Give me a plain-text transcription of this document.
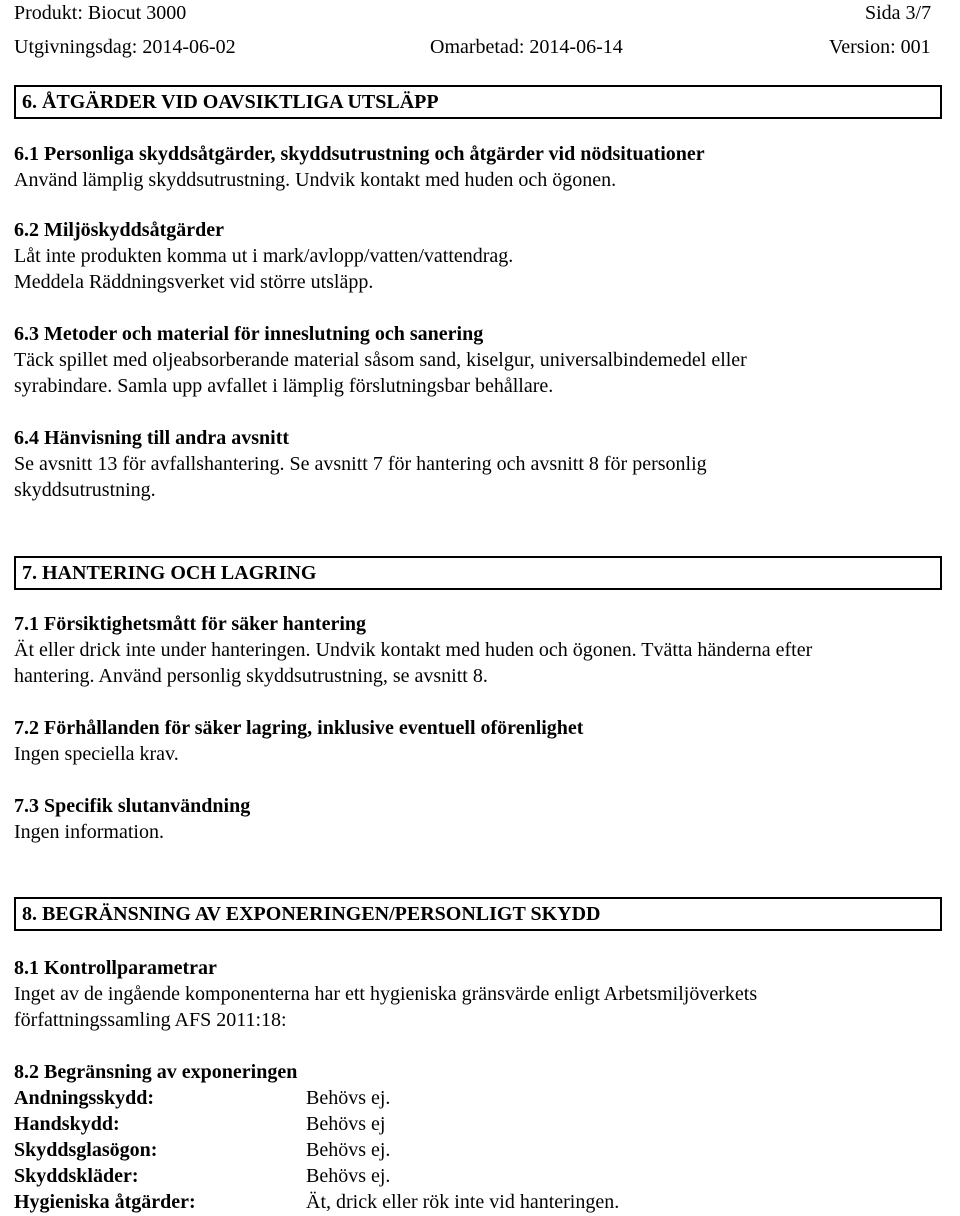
Produkt: Biocut 3000	Sida 3/7
Utgivningsdag: 2014-06-02	Omarbetad: 2014-06-14	Version: 001
6. ÅTGÄRDER VID OAVSIKTLIGA UTSLÄPP
6.1 Personliga skyddsåtgärder, skyddsutrustning och åtgärder vid nödsituationer
Använd lämplig skyddsutrustning. Undvik kontakt med huden och ögonen.
6.2 Miljöskyddsåtgärder
Låt inte produkten komma ut i mark/avlopp/vatten/vattendrag.
Meddela Räddningsverket vid större utsläpp.
6.3 Metoder och material för inneslutning och sanering
Täck spillet med oljeabsorberande material såsom sand, kiselgur, universalbindemedel eller
syrabindare. Samla upp avfallet i lämplig förslutningsbar behållare.
6.4 Hänvisning till andra avsnitt
Se avsnitt 13 för avfallshantering. Se avsnitt 7 för hantering och avsnitt 8 för personlig
skyddsutrustning.
7. HANTERING OCH LAGRING
7.1 Försiktighetsmått för säker hantering
Ät eller drick inte under hanteringen. Undvik kontakt med huden och ögonen. Tvätta händerna efter
hantering. Använd personlig skyddsutrustning, se avsnitt 8.
7.2 Förhållanden för säker lagring, inklusive eventuell oförenlighet
Ingen speciella krav.
7.3 Specifik slutanvändning
Ingen information.
8. BEGRÄNSNING AV EXPONERINGEN/PERSONLIGT SKYDD
8.1 Kontrollparametrar
Inget av de ingående komponenterna har ett hygieniska gränsvärde enligt Arbetsmiljöverkets
författningssamling AFS 2011:18:
8.2 Begränsning av exponeringen
Andningsskydd:	Behövs ej.
Handskydd:	Behövs ej
Skyddsglasögon:	Behövs ej.
Skyddskläder:	Behövs ej.
Hygieniska åtgärder:	Ät, drick eller rök inte vid hanteringen.
